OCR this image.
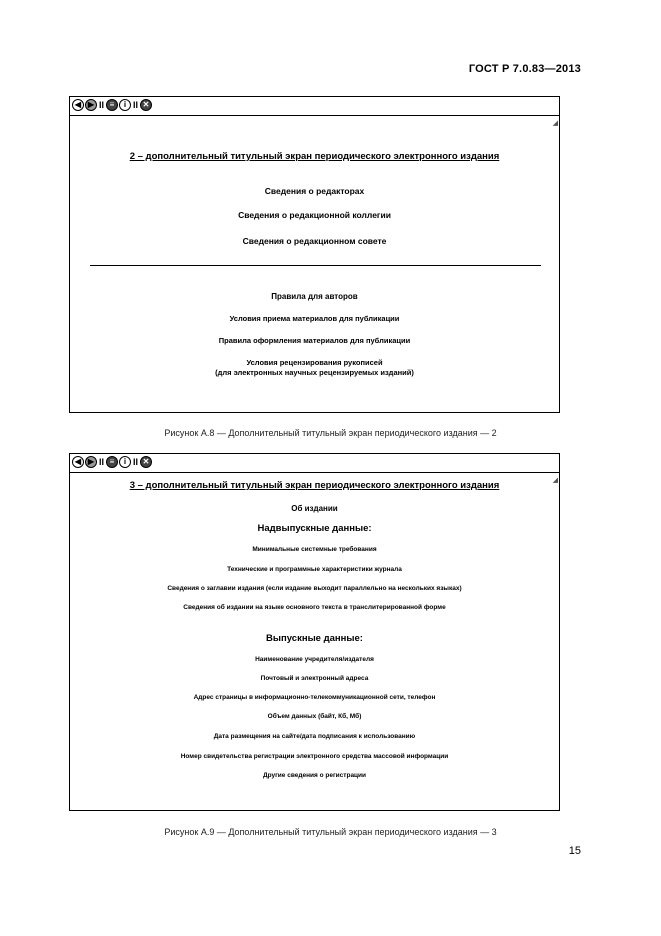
ГОСТ Р 7.0.83—2013
◀ ▶ II ≡	i II ✕
◢
2 – дополнительный титульный экран периодического электронного издания
Сведения о редакторах
Сведения о редакционной коллегии
Сведения о редакционном совете
Правила для авторов
Условия приема материалов для публикации
Правила оформления материалов для публикации
Условия рецензирования рукописей
(для электронных научных рецензируемых изданий)
Рисунок А.8 — Дополнительный титульный экран периодического издания — 2
◀ ▶ II ≡	i II ✕
◢
3 – дополнительный титульный экран периодического электронного издания
Об издании
Надвыпускные данные:
Минимальные системные требования
Технические и программные характеристики журнала
Сведения о заглавии издания (если издание выходит параллельно на нескольких языках)
Сведения об издании на языке основного текста в транслитерированной форме
Выпускные данные:
Наименование учредителя/издателя
Почтовый и электронный адреса
Адрес страницы в информационно-телекоммуникационной сети, телефон
Объем данных (байт, Кб, Мб)
Дата размещения на сайте/дата подписания к использованию
Номер свидетельства регистрации электронного средства массовой информации
Другие сведения о регистрации
Рисунок А.9 — Дополнительный титульный экран периодического издания — 3
15
